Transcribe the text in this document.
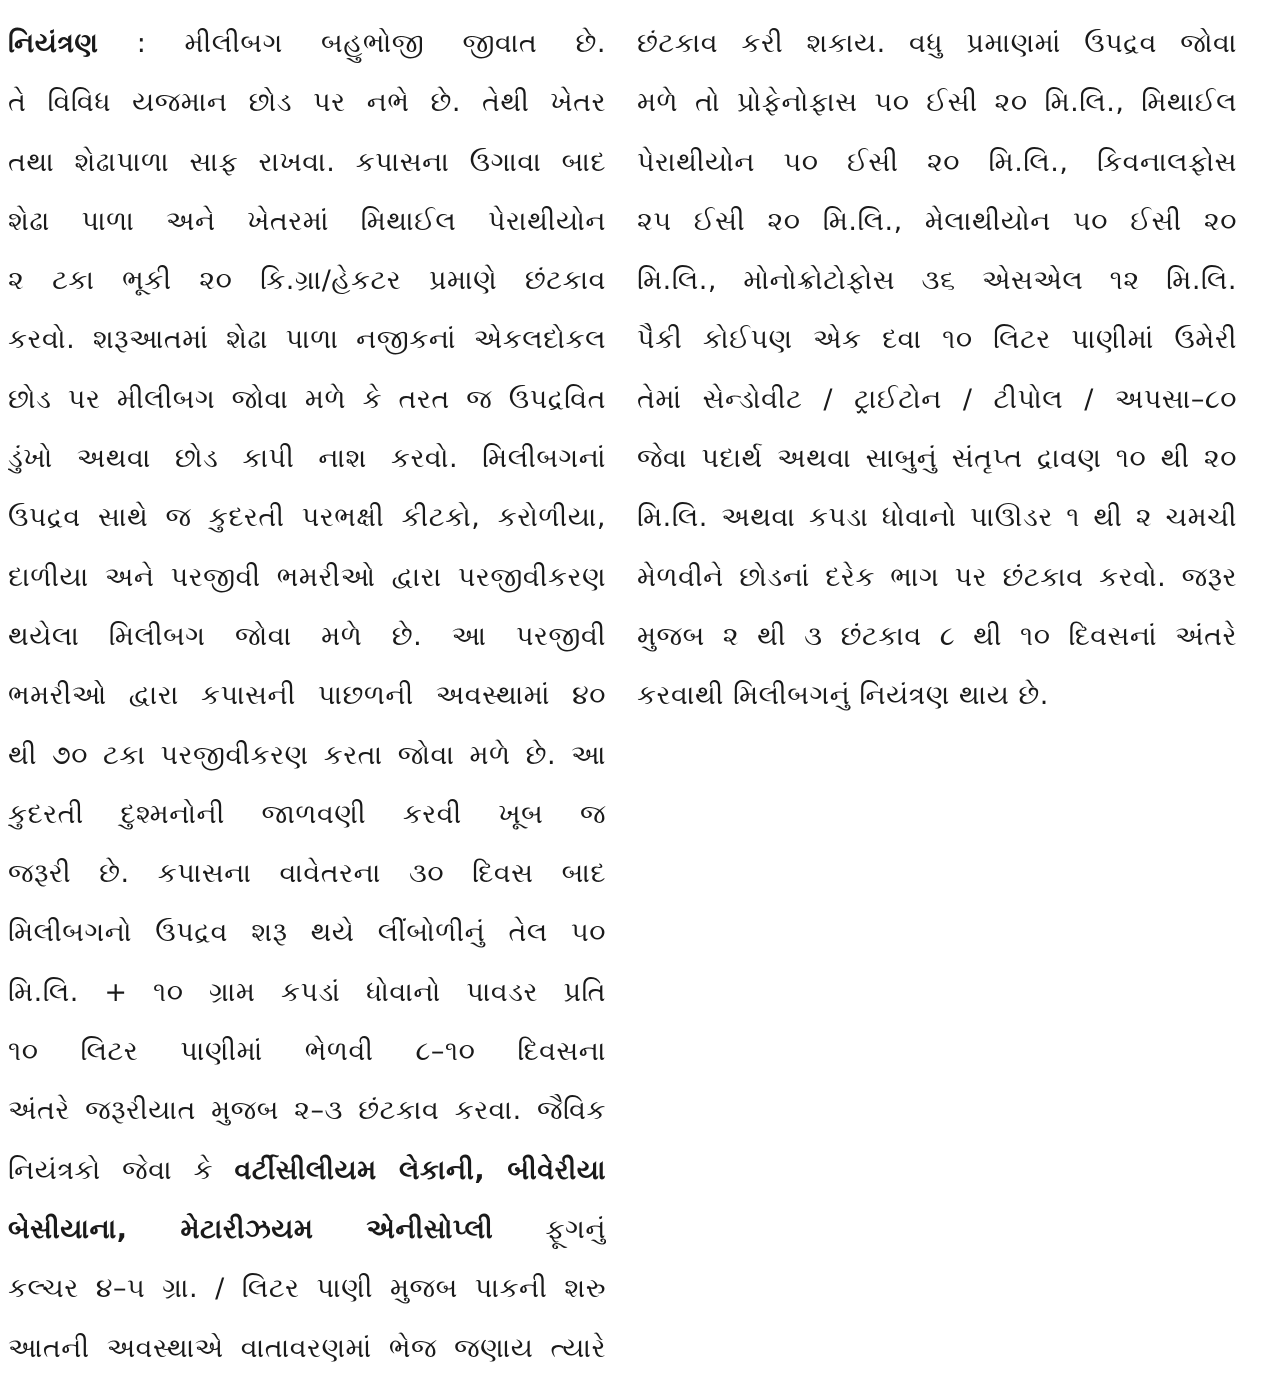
નિયંત્રણ : મીલીબગ બહુભોજી જીવાત છે.
તે વિવિધ યજમાન છોડ પર નભે છે. તેથી ખેતર
તથા શેઢાપાળા સાફ રાખવા. કપાસના ઉગાવા બાદ
શેઢા પાળા અને ખેતરમાં મિથાઈલ પેરાથીયોન
૨ ટકા ભૂકી ૨૦ કિ.ગ્રા/હેકટર પ્રમાણે છંટકાવ
કરવો. શરૂઆતમાં શેઢા પાળા નજીકનાં એકલદોકલ
છોડ પર મીલીબગ જોવા મળે કે તરત જ ઉપદ્રવિત
ડુંખો અથવા છોડ કાપી નાશ કરવો. મિલીબગનાં
ઉપદ્રવ સાથે જ કુદરતી પરભક્ષી કીટકો, કરોળીયા,
દાળીયા અને પરજીવી ભમરીઓ દ્વારા પરજીવીકરણ
થયેલા મિલીબગ જોવા મળે છે. આ પરજીવી
ભમરીઓ દ્વારા કપાસની પાછળની અવસ્થામાં ૪૦
થી ૭૦ ટકા પરજીવીકરણ કરતા જોવા મળે છે. આ
કુદરતી દુશ્મનોની જાળવણી કરવી ખૂબ જ
જરૂરી છે. કપાસના વાવેતરના ૩૦ દિવસ બાદ
મિલીબગનો ઉપદ્રવ શરૂ થયે લીંબોળીનું તેલ ૫૦
મિ.લિ. + ૧૦ ગ્રામ કપડાં ધોવાનો પાવડર પ્રતિ
૧૦ લિટર પાણીમાં ભેળવી ૮–૧૦ દિવસના
અંતરે જરૂરીયાત મુજબ ૨–૩ છંટકાવ કરવા. જૈવિક
નિયંત્રકો જેવા કે વર્ટીસીલીયમ લેકાની, બીવેરીયા
બેસીયાના, મેટારીઝયમ એનીસોપ્લી ફૂગનું
કલ્ચર ૪–૫ ગ્રા. / લિટર પાણી મુજબ પાકની શરુ
આતની અવસ્થાએ વાતાવરણમાં ભેજ જણાય ત્યારે
છંટકાવ કરી શકાય. વધુ પ્રમાણમાં ઉપદ્રવ જોવા
મળે તો પ્રોફેનોફાસ ૫૦ ઈસી ૨૦ મિ.લિ., મિથાઈલ
પેરાથીયોન ૫૦ ઈસી ૨૦ મિ.લિ., કિવનાલફોસ
૨૫ ઈસી ૨૦ મિ.લિ., મેલાથીયોન ૫૦ ઈસી ૨૦
મિ.લિ., મોનોક્રોટોફોસ ૩૬ એસએલ ૧૨ મિ.લિ.
પૈકી કોઈપણ એક દવા ૧૦ લિટર પાણીમાં ઉમેરી
તેમાં સેન્ડોવીટ / ટ્રાઈટોન / ટીપોલ / અપસા–૮૦
જેવા પદાર્થ અથવા સાબુનું સંતૃપ્ત દ્રાવણ ૧૦ થી ૨૦
મિ.લિ. અથવા કપડા ધોવાનો પાઊડર ૧ થી ૨ ચમચી
મેળવીને છોડનાં દરેક ભાગ પર છંટકાવ કરવો. જરૂર
મુજબ ૨ થી ૩ છંટકાવ ૮ થી ૧૦ દિવસનાં અંતરે
કરવાથી મિલીબગનું નિયંત્રણ થાય છે.
